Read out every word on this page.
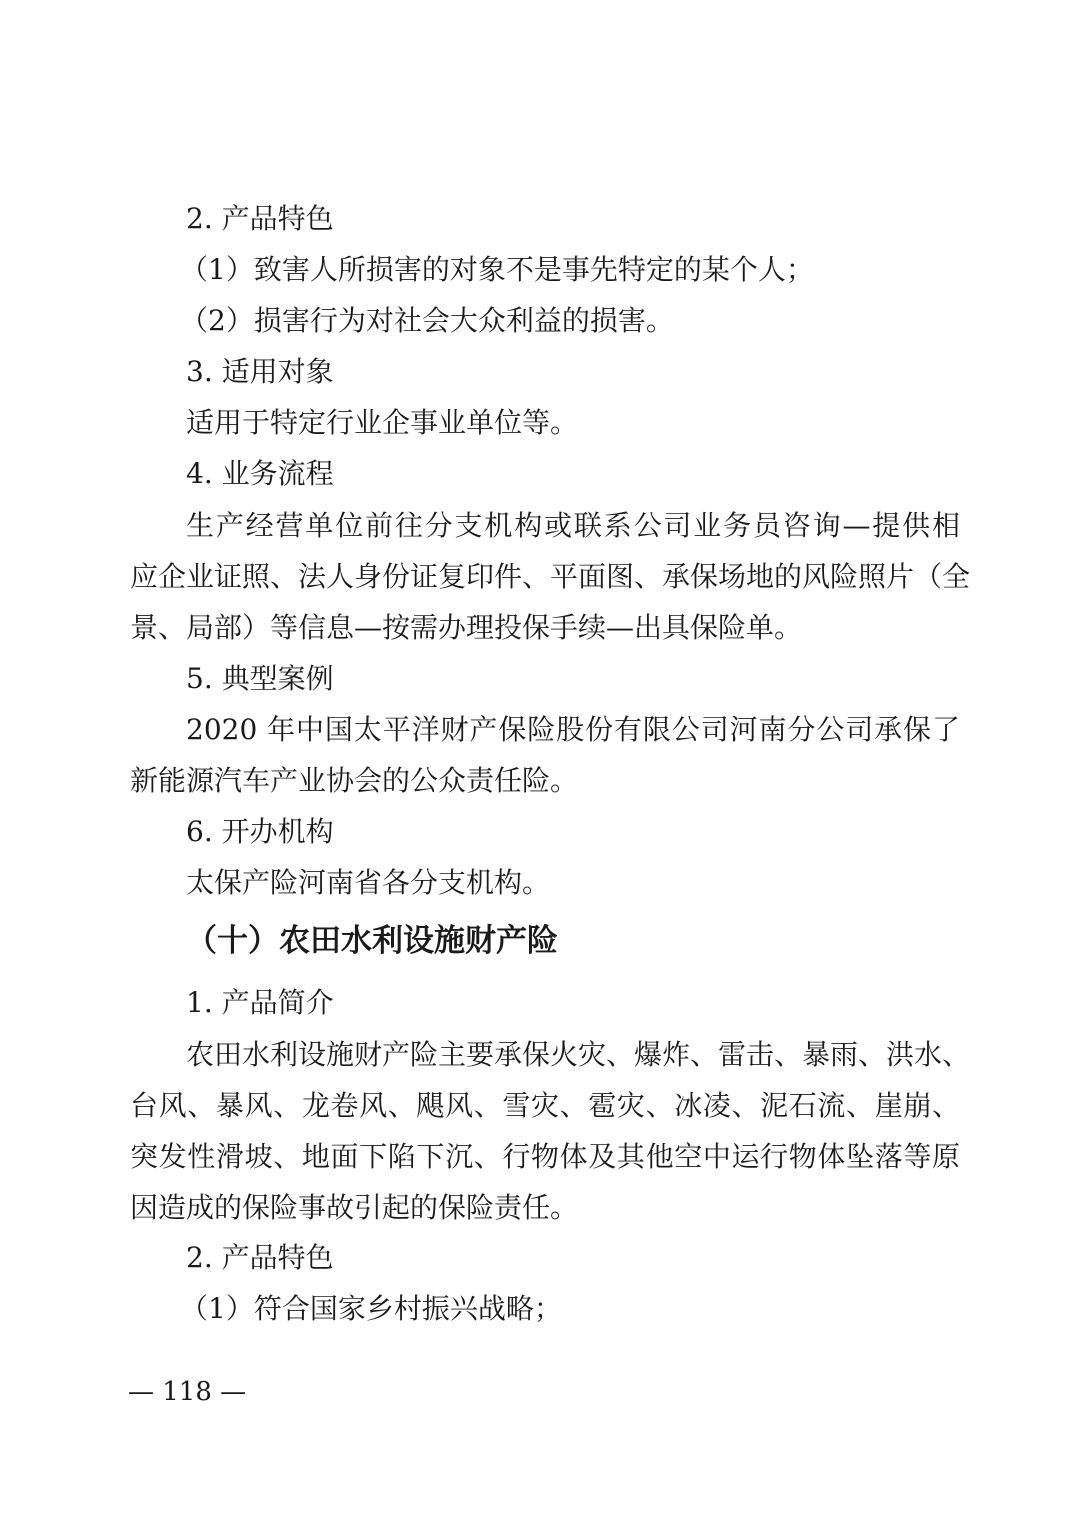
2. 产品特色
（1）致害人所损害的对象不是事先特定的某个人；
（2）损害行为对社会大众利益的损害。
3. 适用对象
适用于特定行业企事业单位等。
4. 业务流程
生产经营单位前往分支机构或联系公司业务员咨询—提供相
应企业证照、法人身份证复印件、平面图、承保场地的风险照片（全
景、局部）等信息—按需办理投保手续—出具保险单。
5. 典型案例
2020 年中国太平洋财产保险股份有限公司河南分公司承保了
新能源汽车产业协会的公众责任险。
6. 开办机构
太保产险河南省各分支机构。
（十）农田水利设施财产险
1. 产品简介
农田水利设施财产险主要承保火灾、爆炸、雷击、暴雨、洪水、
台风、暴风、龙卷风、飓风、雪灾、雹灾、冰凌、泥石流、崖崩、
突发性滑坡、地面下陷下沉、行物体及其他空中运行物体坠落等原
因造成的保险事故引起的保险责任。
2. 产品特色
（1）符合国家乡村振兴战略；
— 118 —
